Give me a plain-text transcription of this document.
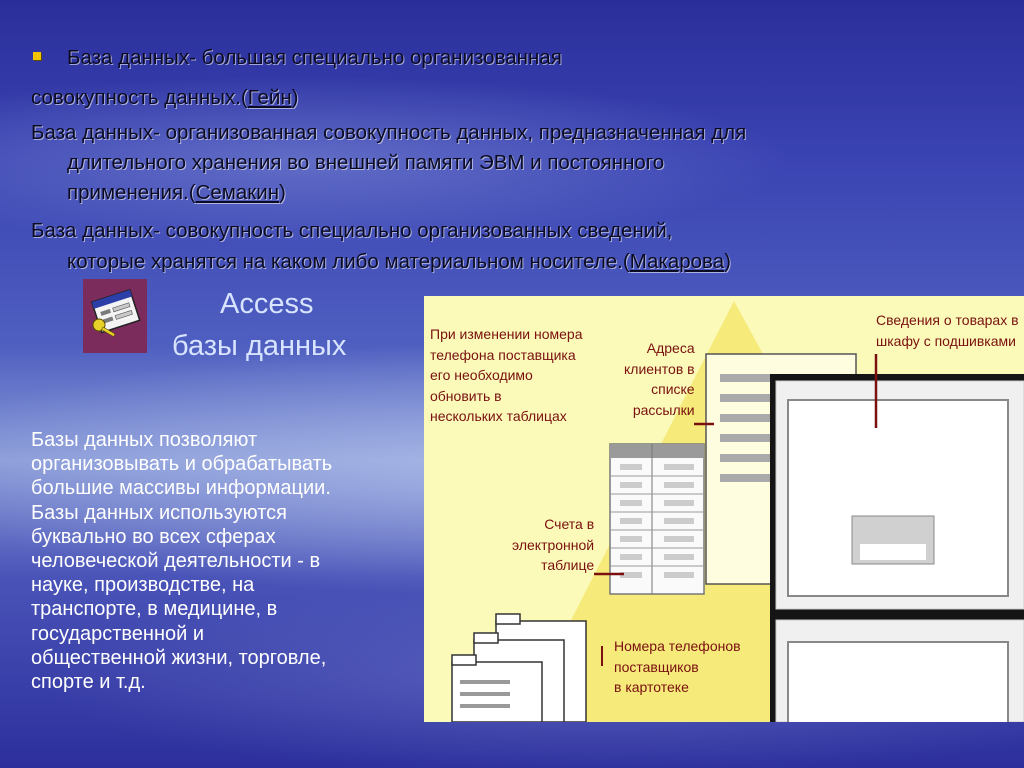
База данных- большая специально организованная
совокупность данных.(Гейн)
База данных- организованная совокупность данных, предназначенная для
длительного хранения во внешней памяти ЭВМ и постоянного
применения.(Семакин)
База данных- совокупность специально организованных сведений,
которые хранятся на каком либо материальном носителе.(Макарова)
Access
базы данных
Базы данных позволяют
организовывать и обрабатывать
большие массивы информации.
Базы данных используются
буквально во всех сферах
человеческой деятельности - в
науке, производстве, на
транспорте, в медицине, в
государственной и
общественной жизни, торговле,
спорте и т.д.
При изменении номера
телефона поставщика
его необходимо
обновить в
нескольких таблицах
Адреса
клиентов в
списке
рассылки
Сведения о товарах в
шкафу с подшивками
Счета в
электронной
таблице
Номера телефонов
поставщиков
в картотеке
